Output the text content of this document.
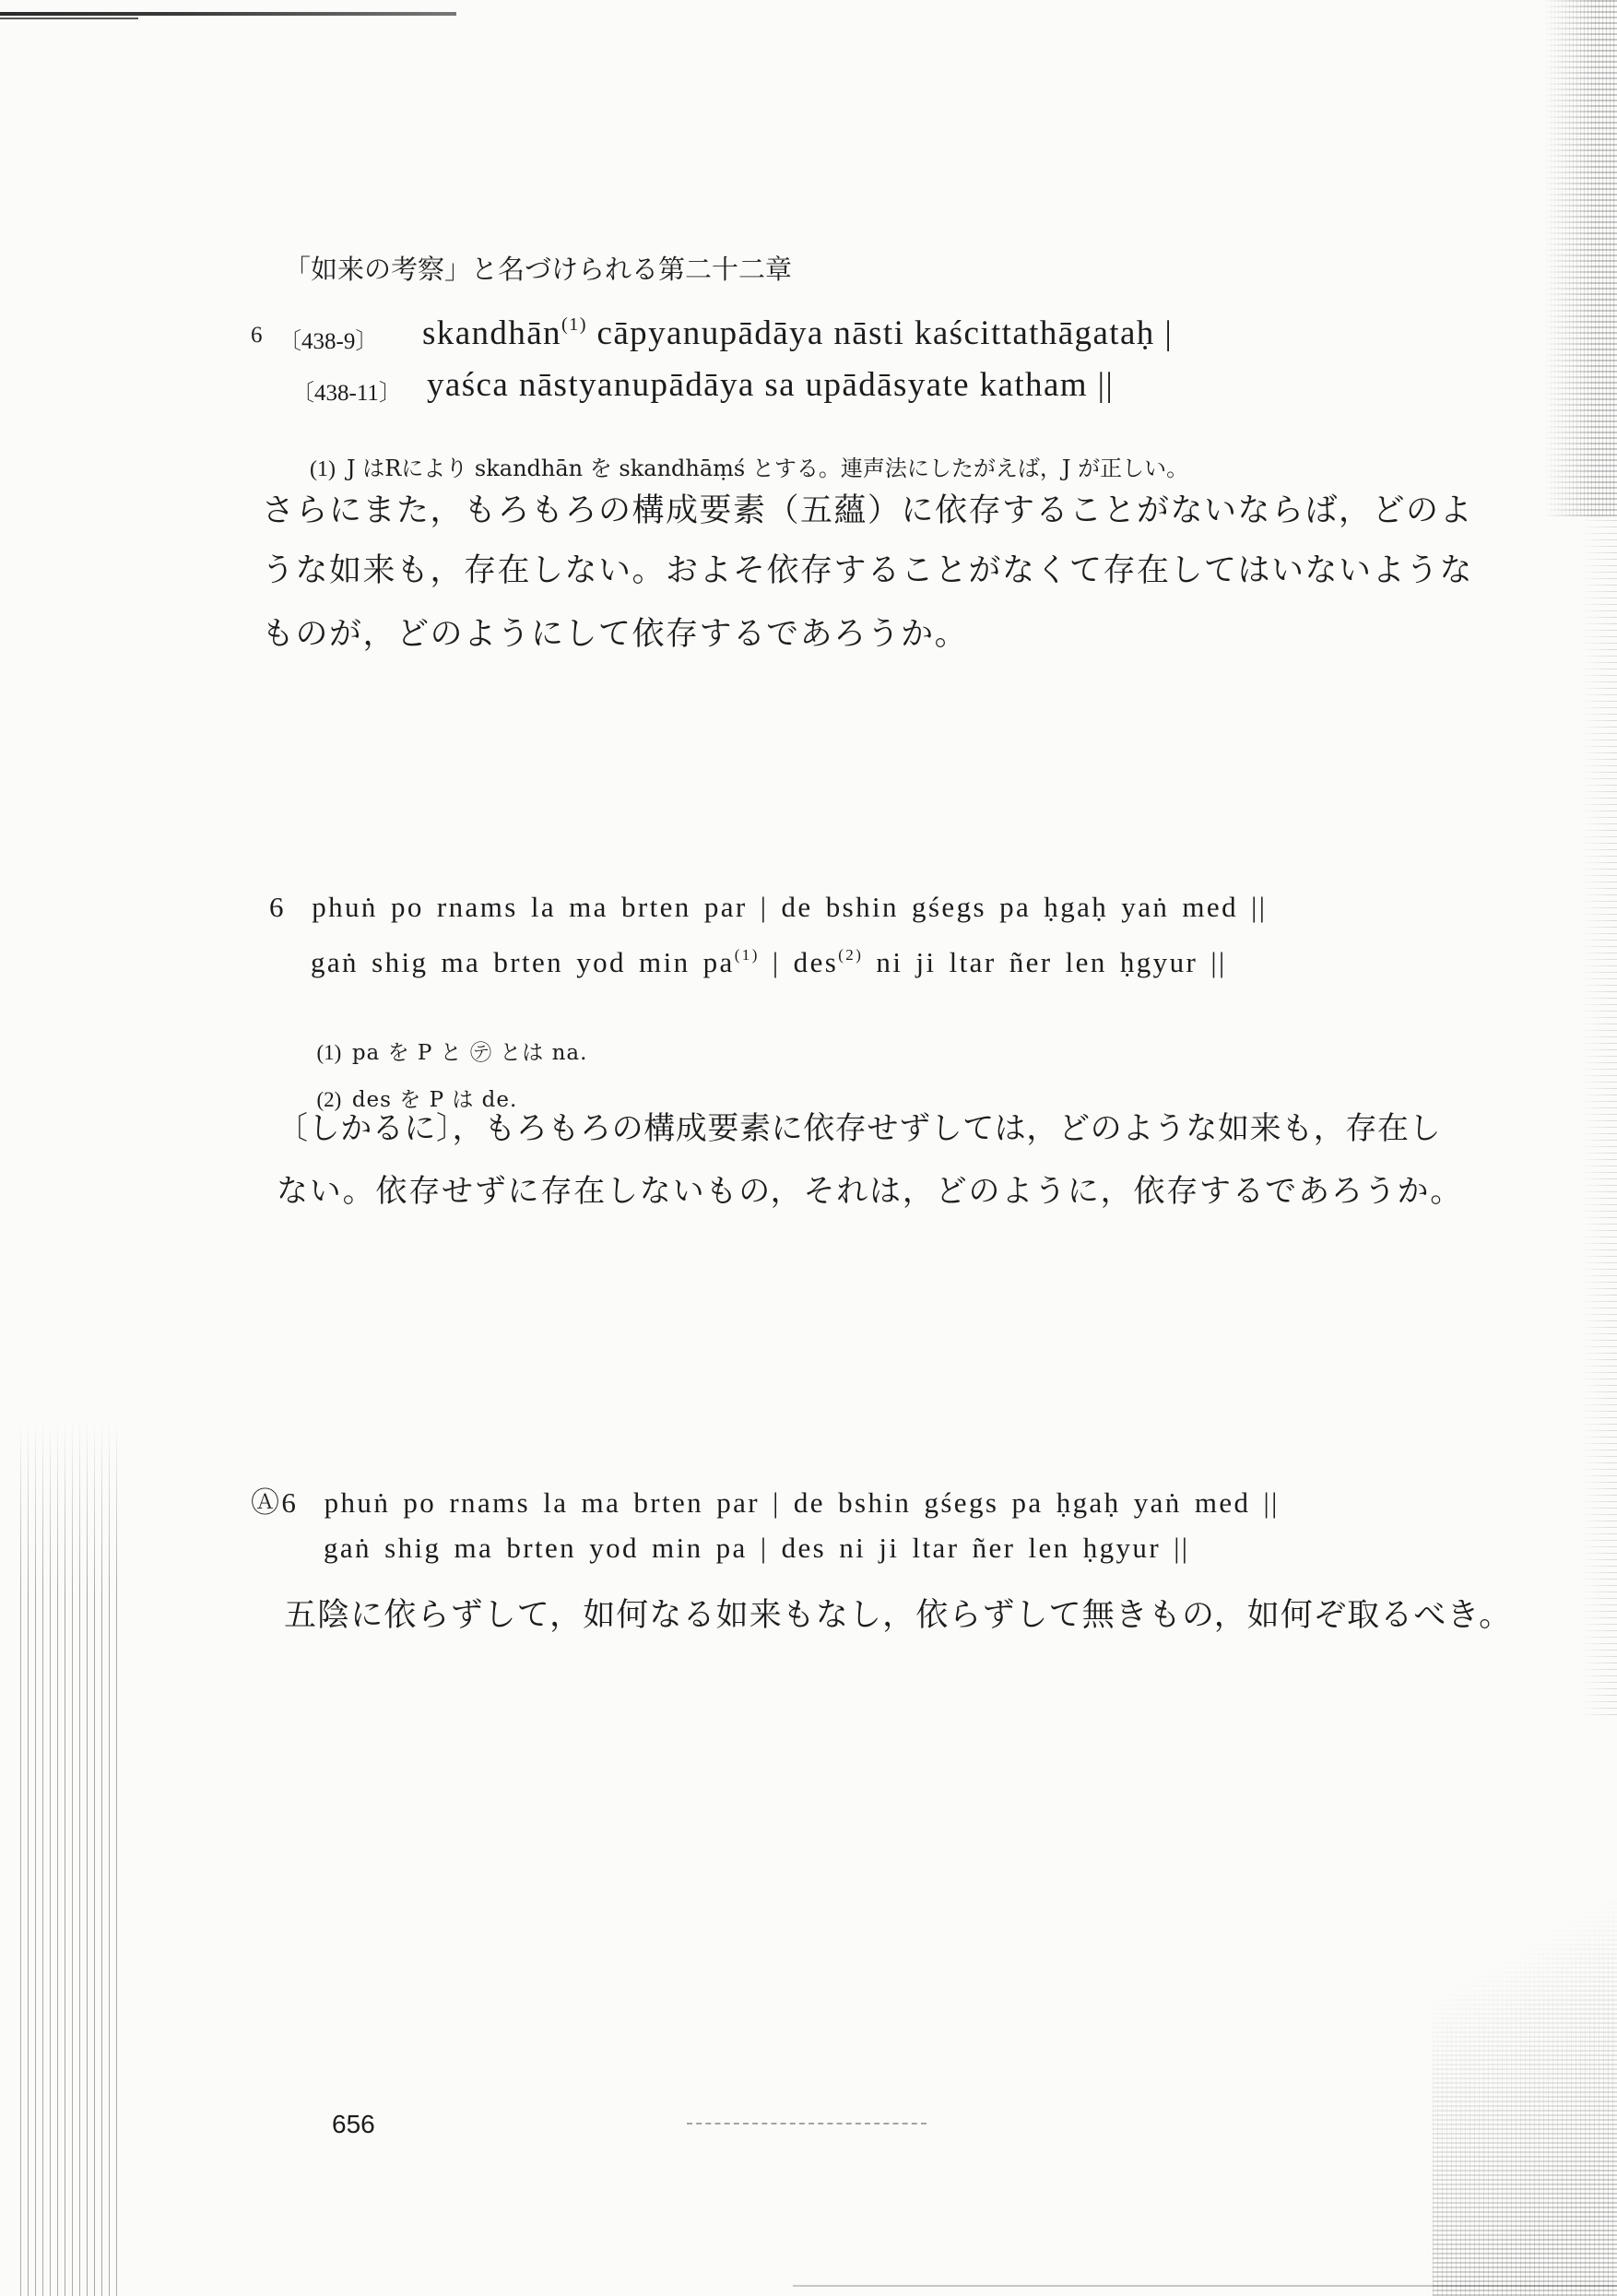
「如来の考察」と名づけられる第二十二章

6

〔438-9〕

skandhān$^{(1)}$ cāpyanupādāya nāsti kaścittathāgataḥ |

〔438-11〕

yaśca nāstyanupādāya sa upādāsyate katham ||

(1) J はRにより skandhān を skandhāṃś とする。連声法にしたがえば，J が正しい。

さらにまた，もろもろの構成要素（五蘊）に依存することがないならば，どのよ
うな如来も，存在しない。およそ依存することがなくて存在してはいないような
ものが，どのようにして依存するであろうか。
6 phuṅ po rnams la ma brten par | de bshin gśegs pa ḥgaḥ yaṅ med ||
gaṅ shig ma brten yod $\min pa^{(1)}$ | des$^{(2)}$ ni ji ltar ñer len ḥgyur ||

(1) pa を P と ㋢ とは na.

(2) des を P は de.

〔しかるに〕，もろもろの構成要素に依存せずしては，どのような如来も，存在し
ない。依存せずに存在しないもの，それは，どのように，依存するであろうか。
Ⓐ6 phuṅ po rnams la ma brten par | de bshin gśegs pa ḥgaḥ yaṅ med ||
gaṅ shig ma brten yod min pa | des ni ji ltar ñer len ḥgyur ||
五陰に依らずして，如何なる如来もなし，依らずして無きもの，如何ぞ取るべき。
656
